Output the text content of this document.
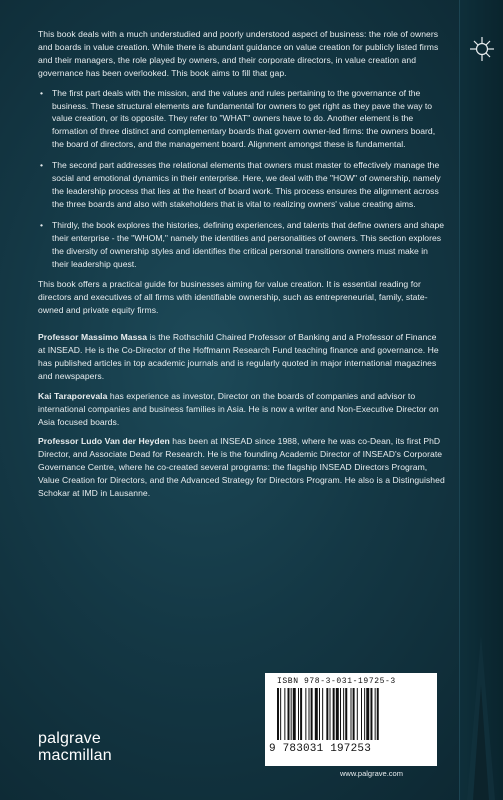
This book deals with a much understudied and poorly understood aspect of business: the role of owners and boards in value creation. While there is abundant guidance on value creation for publicly listed firms and their managers, the role played by owners, and their corporate directors, in value creation and governance has been overlooked. This book aims to fill that gap.

• The first part deals with the mission, and the values and rules pertaining to the governance of the business. These structural elements are fundamental for owners to get right as they pave the way to value creation, or its opposite. They refer to "WHAT" owners have to do. Another element is the formation of three distinct and complementary boards that govern owner-led firms: the owners board, the board of directors, and the management board. Alignment amongst these is fundamental.
• The second part addresses the relational elements that owners must master to effectively manage the social and emotional dynamics in their enterprise. Here, we deal with the "HOW" of ownership, namely the leadership process that lies at the heart of board work. This process ensures the alignment across the three boards and also with stakeholders that is vital to realizing owners' value creating aims.
• Thirdly, the book explores the histories, defining experiences, and talents that define owners and shape their enterprise - the "WHOM," namely the identities and personalities of owners. This section explores the diversity of ownership styles and identifies the critical personal transitions owners must make in their leadership quest.

This book offers a practical guide for businesses aiming for value creation. It is essential reading for directors and executives of all firms with identifiable ownership, such as entrepreneurial, family, state-owned and private equity firms.

Professor Massimo Massa is the Rothschild Chaired Professor of Banking and a Professor of Finance at INSEAD. He is the Co-Director of the Hoffmann Research Fund teaching finance and governance. He has published articles in top academic journals and is regularly quoted in major international magazines and newspapers.

Kai Taraporevala has experience as investor, Director on the boards of companies and advisor to international companies and business families in Asia. He is now a writer and Non-Executive Director on Asia focused boards.

Professor Ludo Van der Heyden has been at INSEAD since 1988, where he was co-Dean, its first PhD Director, and Associate Dead for Research. He is the founding Academic Director of INSEAD's Corporate Governance Centre, where he co-created several programs: the flagship INSEAD Directors Program, Value Creation for Directors, and the Advanced Strategy for Directors Program. He also is a Distinguished Schokar at IMD in Lausanne.

ISBN 978-3-031-19725-3
9 783031 197253
www.palgrave.com
palgrave
macmillan
